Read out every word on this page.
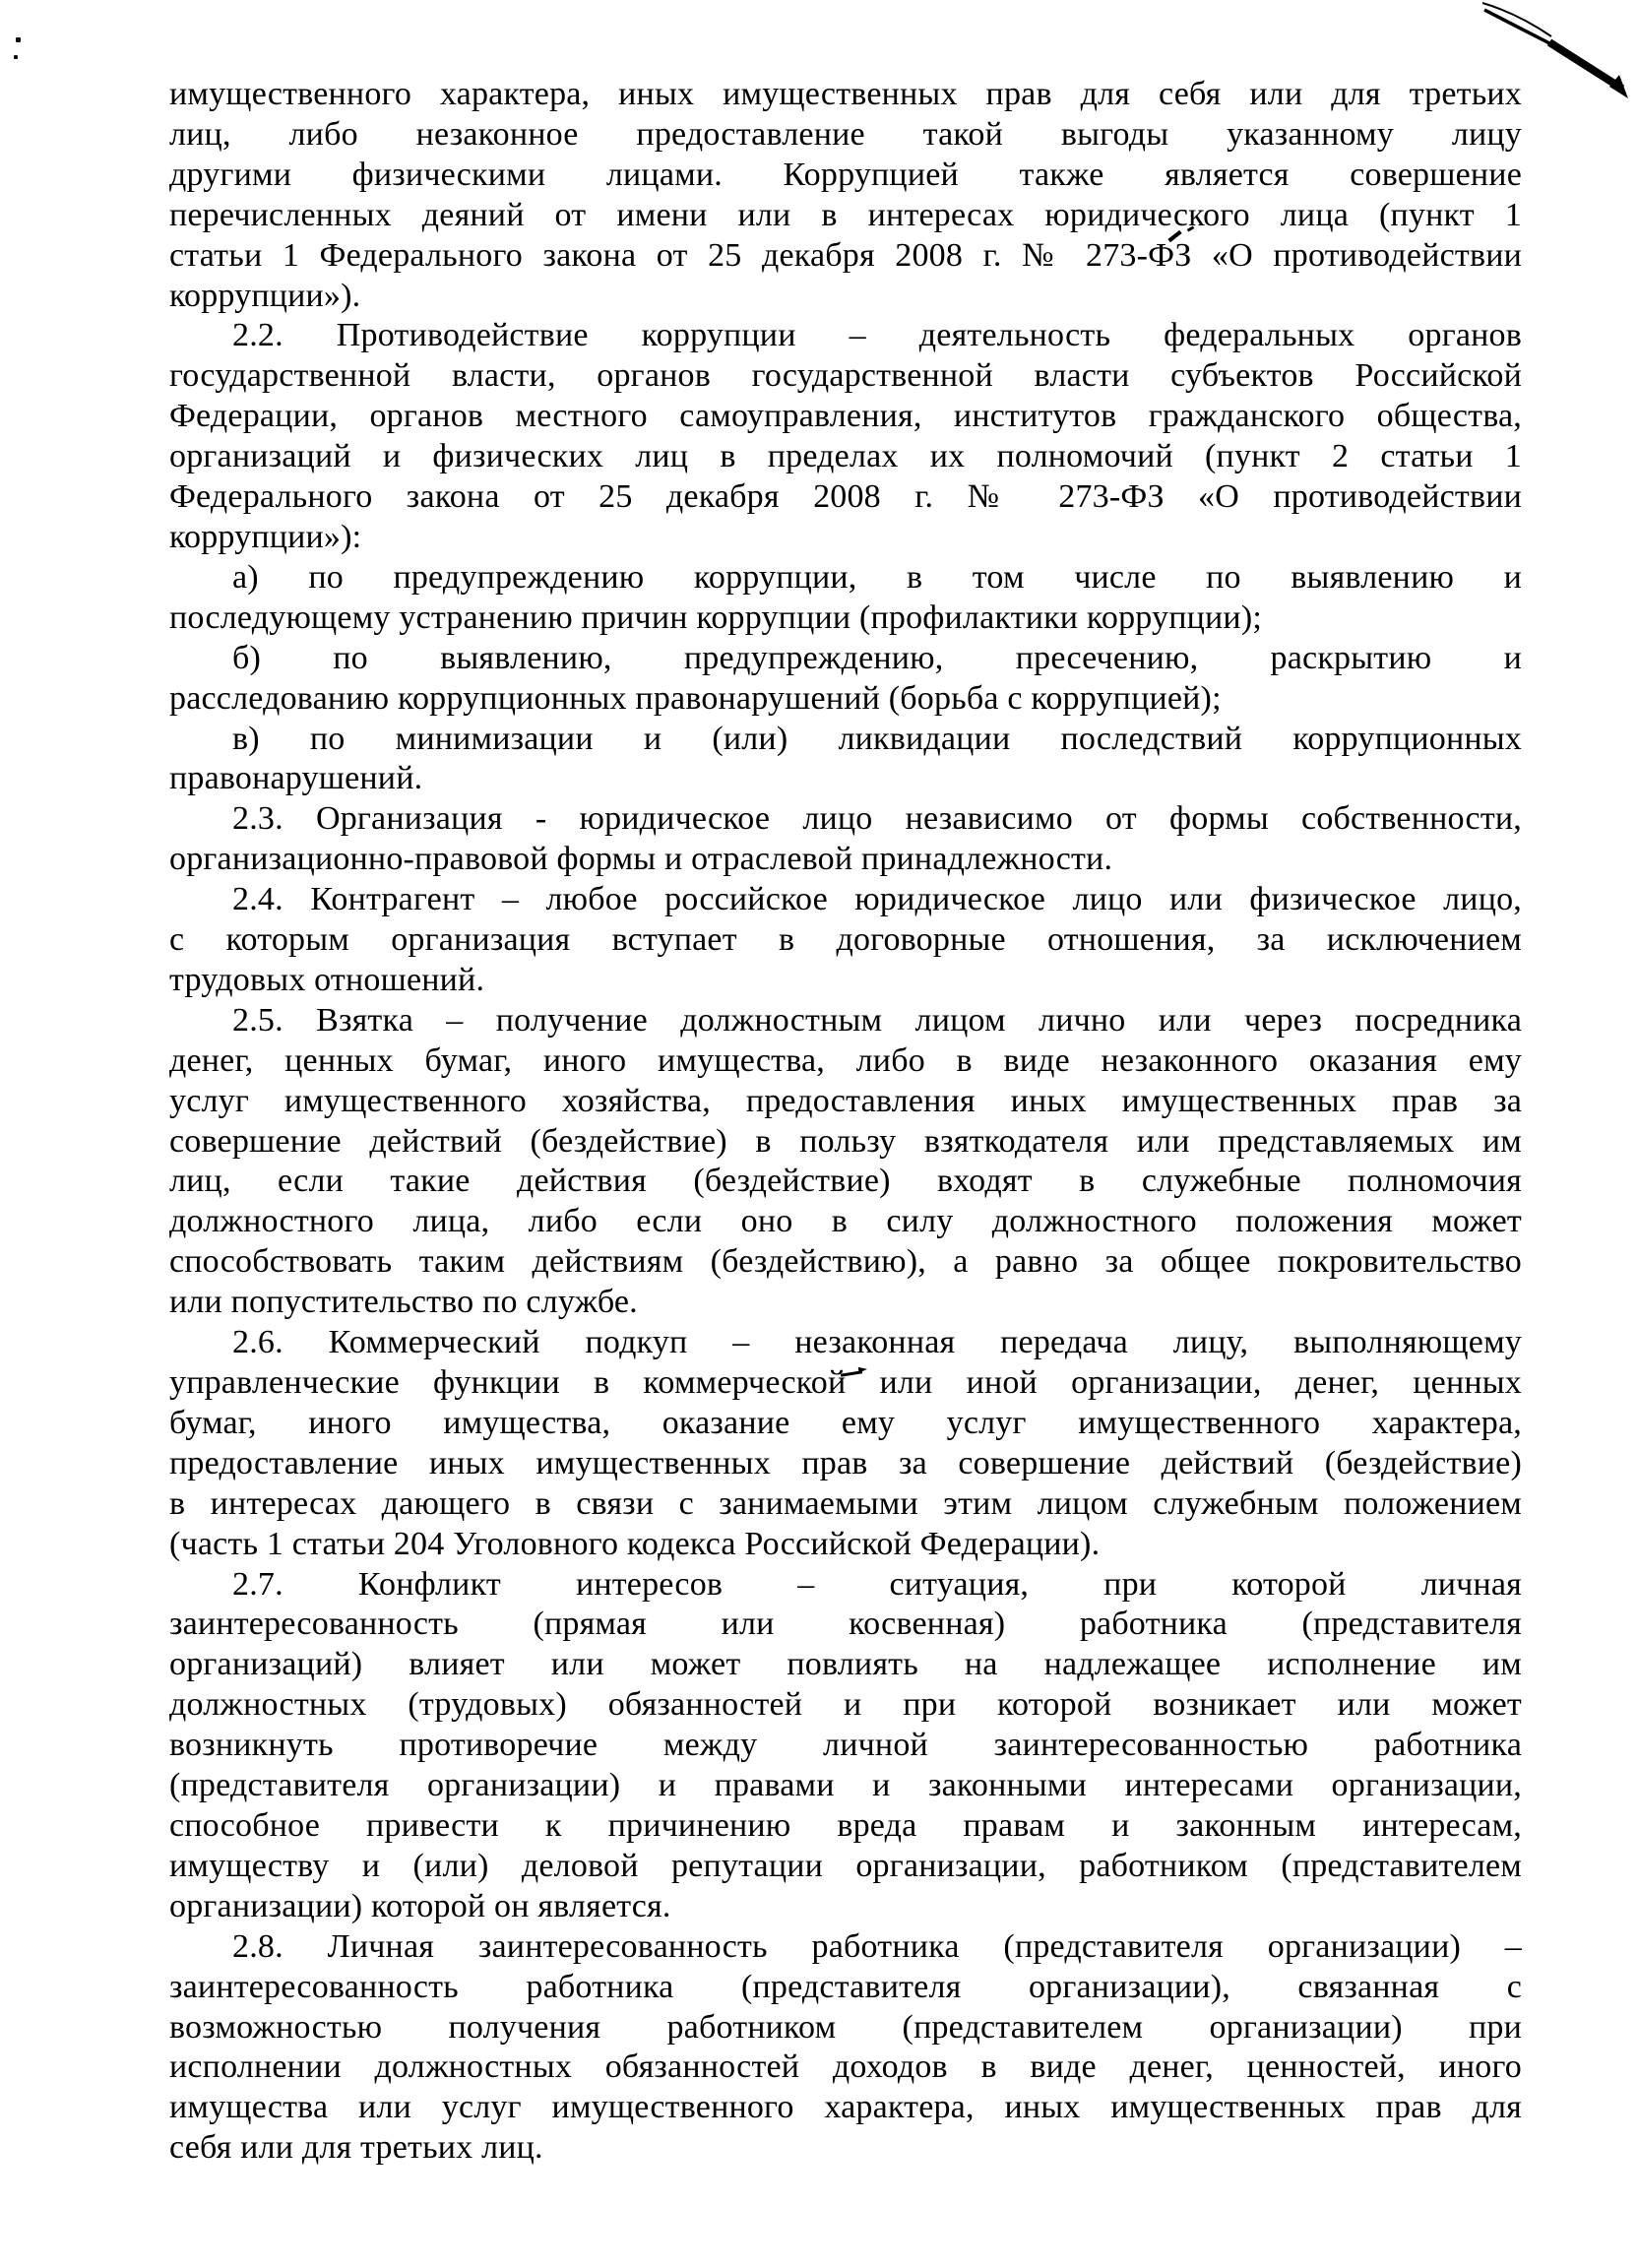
имущественного характера, иных имущественных прав для себя или для третьих
лиц, либо незаконное предоставление такой выгоды указанному лицу
другими физическими лицами. Коррупцией также является совершение
перечисленных деяний от имени или в интересах юридического лица (пункт 1
статьи 1 Федерального закона от 25 декабря 2008 г. № 273-ФЗ «О противодействии
коррупции»).
2.2. Противодействие коррупции – деятельность федеральных органов
государственной власти, органов государственной власти субъектов Российской
Федерации, органов местного самоуправления, институтов гражданского общества,
организаций и физических лиц в пределах их полномочий (пункт 2 статьи 1
Федерального закона от 25 декабря 2008 г. № 273-ФЗ «О противодействии
коррупции»):
а) по предупреждению коррупции, в том числе по выявлению и
последующему устранению причин коррупции (профилактики коррупции);
б) по выявлению, предупреждению, пресечению, раскрытию и
расследованию коррупционных правонарушений (борьба с коррупцией);
в) по минимизации и (или) ликвидации последствий коррупционных
правонарушений.
2.3. Организация - юридическое лицо независимо от формы собственности,
организационно-правовой формы и отраслевой принадлежности.
2.4. Контрагент – любое российское юридическое лицо или физическое лицо,
с которым организация вступает в договорные отношения, за исключением
трудовых отношений.
2.5. Взятка – получение должностным лицом лично или через посредника
денег, ценных бумаг, иного имущества, либо в виде незаконного оказания ему
услуг имущественного хозяйства, предоставления иных имущественных прав за
совершение действий (бездействие) в пользу взяткодателя или представляемых им
лиц, если такие действия (бездействие) входят в служебные полномочия
должностного лица, либо если оно в силу должностного положения может
способствовать таким действиям (бездействию), а равно за общее покровительство
или попустительство по службе.
2.6. Коммерческий подкуп – незаконная передача лицу, выполняющему
управленческие функции в коммерческой или иной организации, денег, ценных
бумаг, иного имущества, оказание ему услуг имущественного характера,
предоставление иных имущественных прав за совершение действий (бездействие)
в интересах дающего в связи с занимаемыми этим лицом служебным положением
(часть 1 статьи 204 Уголовного кодекса Российской Федерации).
2.7. Конфликт интересов – ситуация, при которой личная
заинтересованность (прямая или косвенная) работника (представителя
организаций) влияет или может повлиять на надлежащее исполнение им
должностных (трудовых) обязанностей и при которой возникает или может
возникнуть противоречие между личной заинтересованностью работника
(представителя организации) и правами и законными интересами организации,
способное привести к причинению вреда правам и законным интересам,
имуществу и (или) деловой репутации организации, работником (представителем
организации) которой он является.
2.8. Личная заинтересованность работника (представителя организации) –
заинтересованность работника (представителя организации), связанная с
возможностью получения работником (представителем организации) при
исполнении должностных обязанностей доходов в виде денег, ценностей, иного
имущества или услуг имущественного характера, иных имущественных прав для
себя или для третьих лиц.
